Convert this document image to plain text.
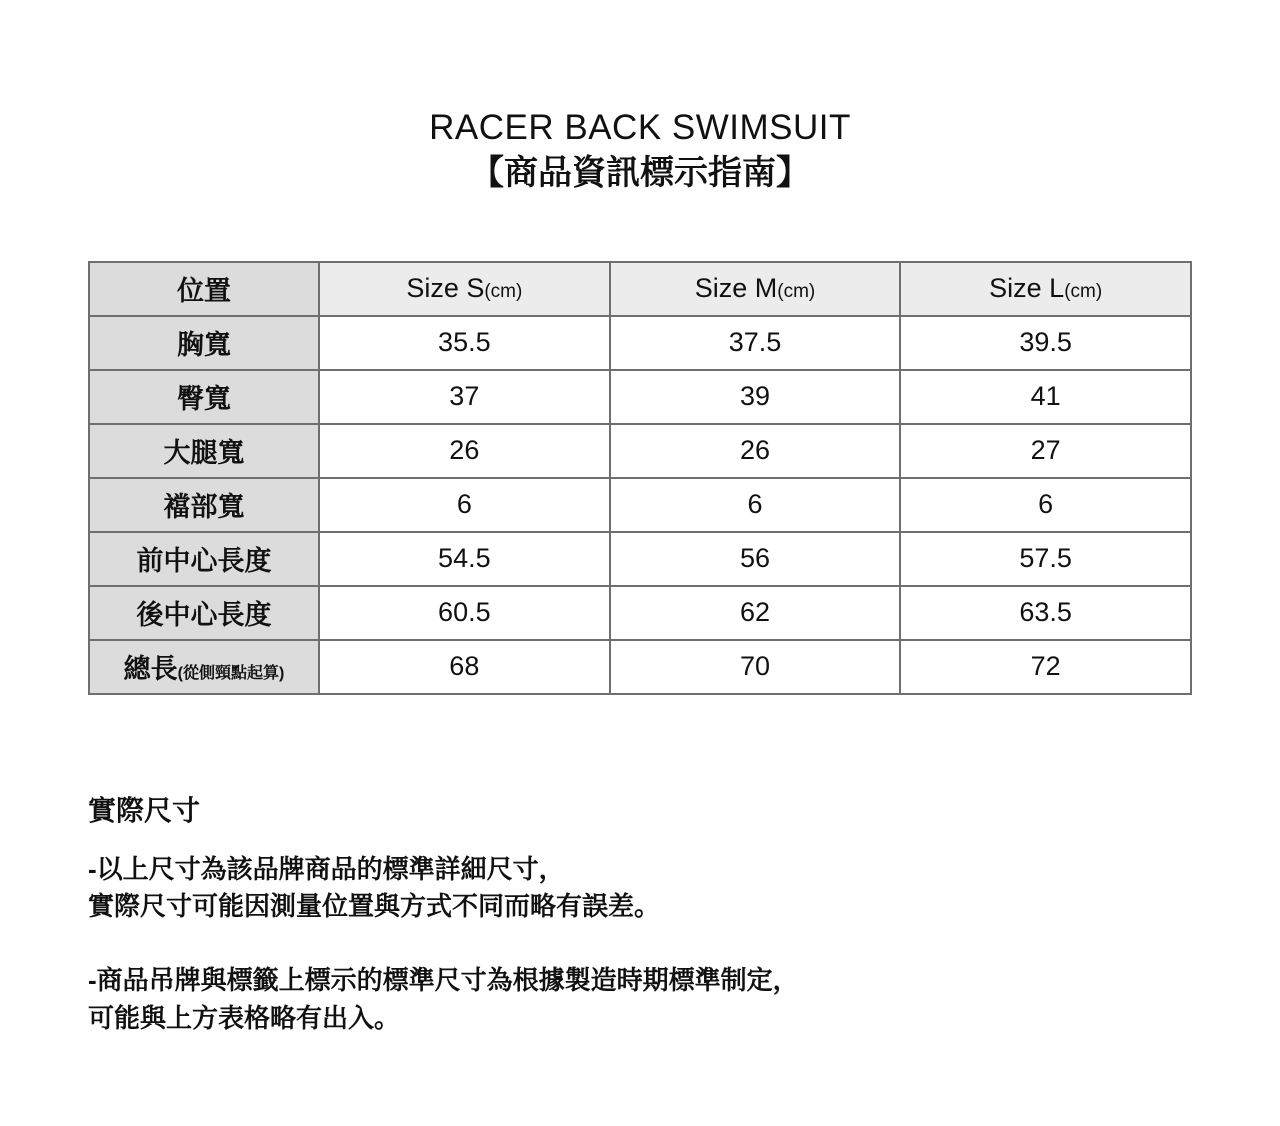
RACER BACK SWIMSUIT
【商品資訊標示指南】
位置	Size S(cm)	Size M(cm)	Size L(cm)
胸寬	35.5	37.5	39.5
臀寬	37	39	41
大腿寬	26	26	27
襠部寬	6	6	6
前中心長度	54.5	56	57.5
後中心長度	60.5	62	63.5
總長(從側頸點起算)	68	70	72
實際尺寸

-以上尺寸為該品牌商品的標準詳細尺寸，

實際尺寸可能因測量位置與方式不同而略有誤差。

-商品吊牌與標籤上標示的標準尺寸為根據製造時期標準制定，

可能與上方表格略有出入。
